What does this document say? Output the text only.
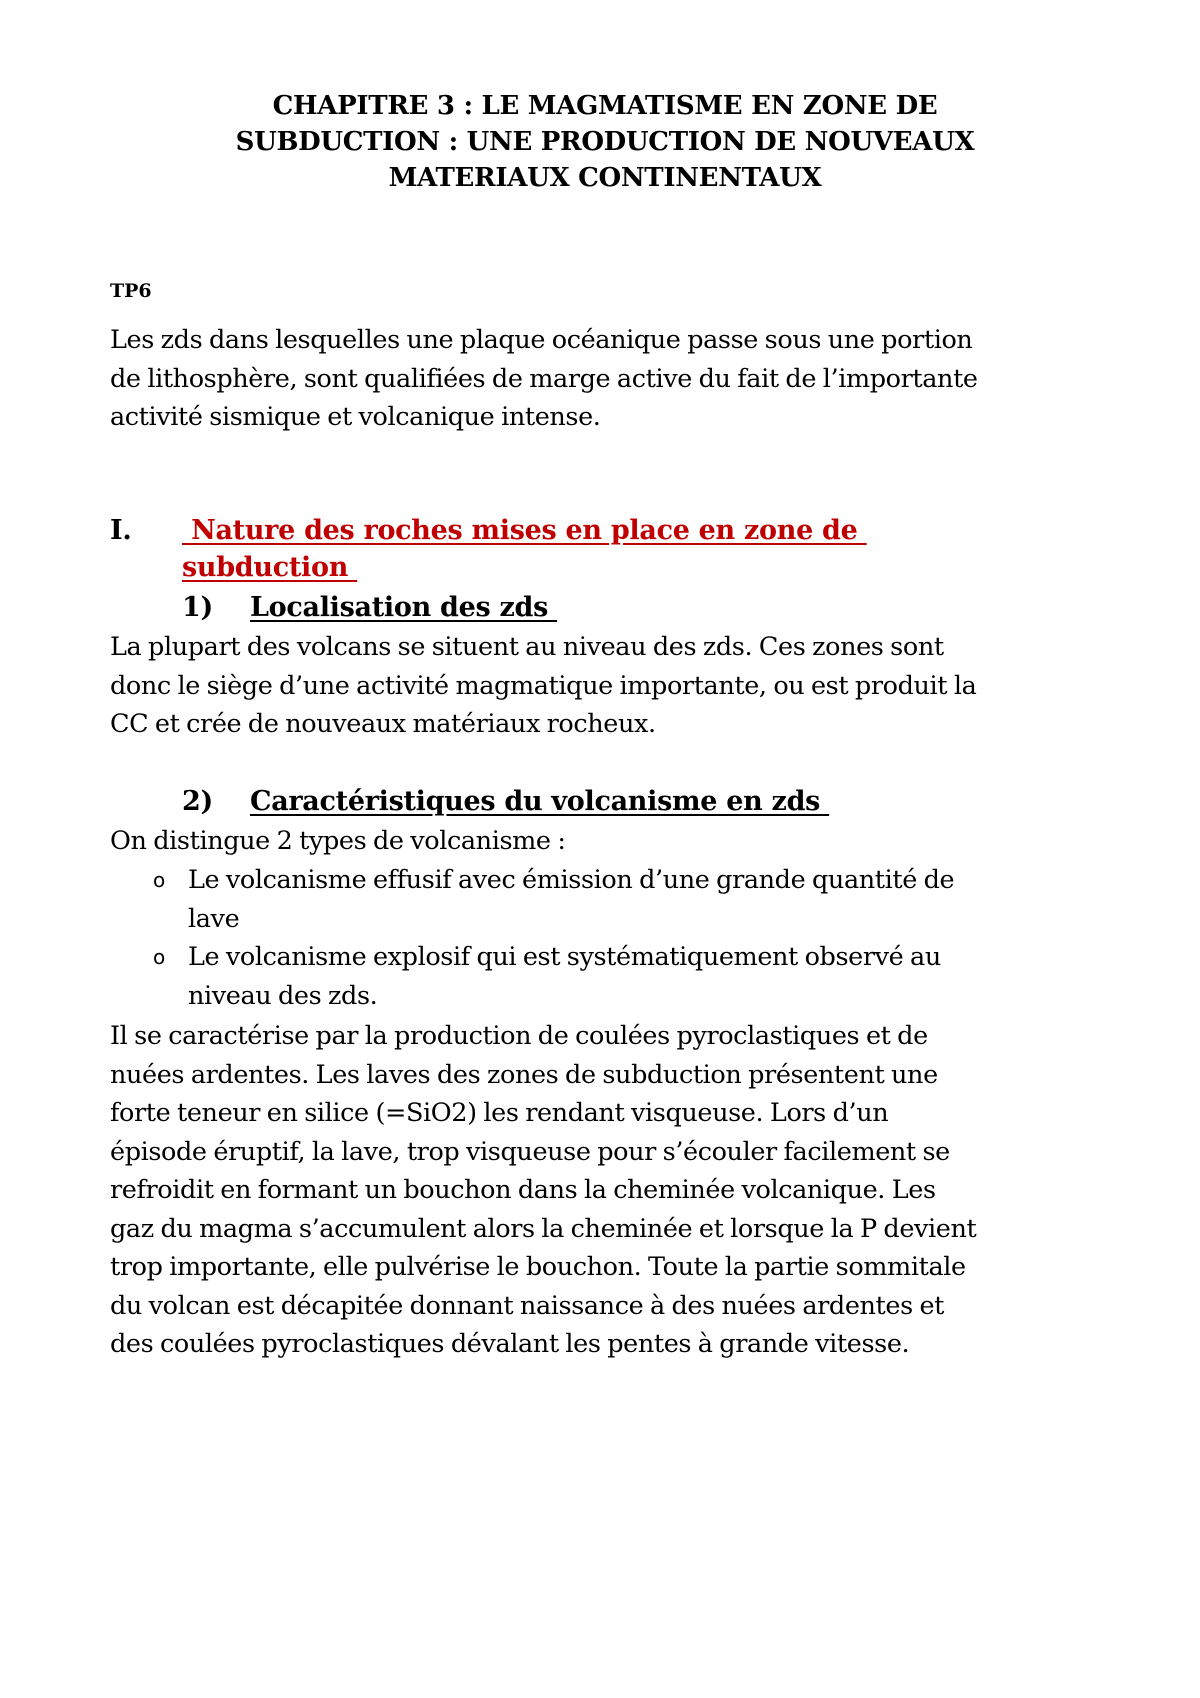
CHAPITRE 3 : LE MAGMATISME EN ZONE DE
SUBDUCTION : UNE PRODUCTION DE NOUVEAUX
MATERIAUX CONTINENTAUX
TP6
Les zds dans lesquelles une plaque océanique passe sous une portion
de lithosphère, sont qualifiées de marge active du fait de l’importante
activité sismique et volcanique intense.
I. Nature des roches mises en place en zone de
subduction
1) Localisation des zds
La plupart des volcans se situent au niveau des zds. Ces zones sont
donc le siège d’une activité magmatique importante, ou est produit la
CC et crée de nouveaux matériaux rocheux.
2) Caractéristiques du volcanisme en zds
On distingue 2 types de volcanisme :
o Le volcanisme effusif avec émission d’une grande quantité de
lave
o Le volcanisme explosif qui est systématiquement observé au
niveau des zds.
Il se caractérise par la production de coulées pyroclastiques et de
nuées ardentes. Les laves des zones de subduction présentent une
forte teneur en silice (=SiO2) les rendant visqueuse. Lors d’un
épisode éruptif, la lave, trop visqueuse pour s’écouler facilement se
refroidit en formant un bouchon dans la cheminée volcanique. Les
gaz du magma s’accumulent alors la cheminée et lorsque la P devient
trop importante, elle pulvérise le bouchon. Toute la partie sommitale
du volcan est décapitée donnant naissance à des nuées ardentes et
des coulées pyroclastiques dévalant les pentes à grande vitesse.
